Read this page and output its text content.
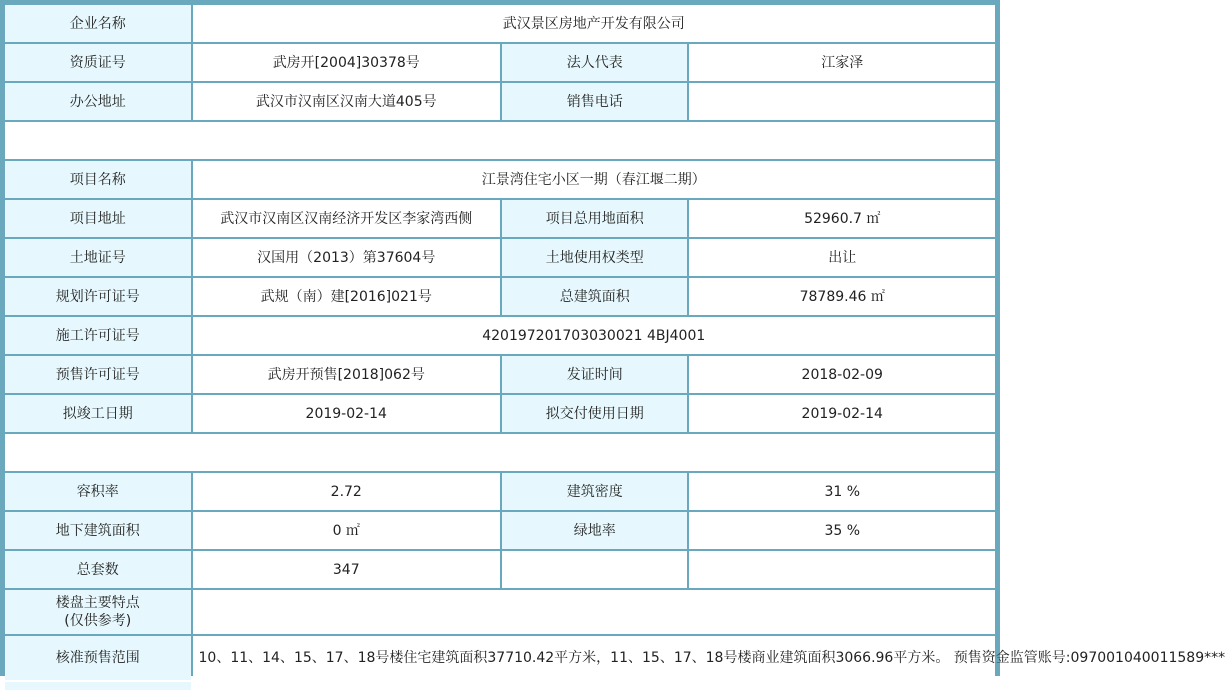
企业名称	武汉景区房地产开发有限公司		
资质证号	武房开[2004]30378号	法人代表	江家泽
办公地址	武汉市汉南区汉南大道405号	销售电话	

项目名称	江景湾住宅小区一期（春江堰二期）		
项目地址	武汉市汉南区汉南经济开发区李家湾西侧	项目总用地面积	52960.7 ㎡
土地证号	汉国用（2013）第37604号	土地使用权类型	出让
规划许可证号	武规（南）建[2016]021号	总建筑面积	78789.46 ㎡
施工许可证号	420197201703030021 4BJ4001		
预售许可证号	武房开预售[2018]062号	发证时间	2018-02-09
拟竣工日期	2019-02-14	拟交付使用日期	2019-02-14

容积率	2.72	建筑密度	31 %
地下建筑面积	0 ㎡	绿地率	35 %
总套数	347		
楼盘主要特点
(仅供参考)			
核准预售范围	10、11、14、15、17、18号楼住宅建筑面积37710.42平方米，11、15、17、18号楼商业建筑面积3066.96平方米。 预售资金监管账号:097001040011589***		
